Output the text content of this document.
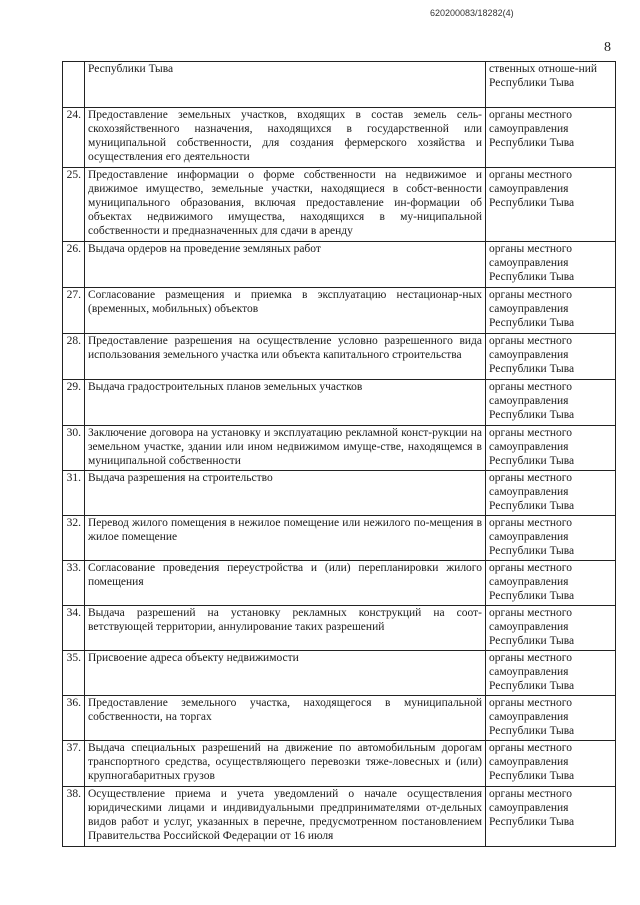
620200083/18282(4)
8
	Республики Тыва	ственных отноше-ний Республики Тыва
24.	Предоставление земельных участков, входящих в состав земель сель-скохозяйственного назначения, находящихся в государственной или муниципальной собственности, для создания фермерского хозяйства и осуществления его деятельности	органы местного самоуправления Республики Тыва
25.	Предоставление информации о форме собственности на недвижимое и движимое имущество, земельные участки, находящиеся в собст-венности муниципального образования, включая предоставление ин-формации об объектах недвижимого имущества, находящихся в му-ниципальной собственности и предназначенных для сдачи в аренду	органы местного самоуправления Республики Тыва
26.	Выдача ордеров на проведение земляных работ	органы местного самоуправления Республики Тыва
27.	Согласование размещения и приемка в эксплуатацию нестационар-ных (временных, мобильных) объектов	органы местного самоуправления Республики Тыва
28.	Предоставление разрешения на осуществление условно разрешенного вида использования земельного участка или объекта капитального строительства	органы местного самоуправления Республики Тыва
29.	Выдача градостроительных планов земельных участков	органы местного самоуправления Республики Тыва
30.	Заключение договора на установку и эксплуатацию рекламной конст-рукции на земельном участке, здании или ином недвижимом имуще-стве, находящемся в муниципальной собственности	органы местного самоуправления Республики Тыва
31.	Выдача разрешения на строительство	органы местного самоуправления Республики Тыва
32.	Перевод жилого помещения в нежилое помещение или нежилого по-мещения в жилое помещение	органы местного самоуправления Республики Тыва
33.	Согласование проведения переустройства и (или) перепланировки жилого помещения	органы местного самоуправления Республики Тыва
34.	Выдача разрешений на установку рекламных конструкций на соот-ветствующей территории, аннулирование таких разрешений	органы местного самоуправления Республики Тыва
35.	Присвоение адреса объекту недвижимости	органы местного самоуправления Республики Тыва
36.	Предоставление земельного участка, находящегося в муниципальной собственности, на торгах	органы местного самоуправления Республики Тыва
37.	Выдача специальных разрешений на движение по автомобильным дорогам транспортного средства, осуществляющего перевозки тяже-ловесных и (или) крупногабаритных грузов	органы местного самоуправления Республики Тыва
38.	Осуществление приема и учета уведомлений о начале осуществления юридическими лицами и индивидуальными предпринимателями от-дельных видов работ и услуг, указанных в перечне, предусмотренном постановлением Правительства Российской Федерации от 16 июля	органы местного самоуправления Республики Тыва
